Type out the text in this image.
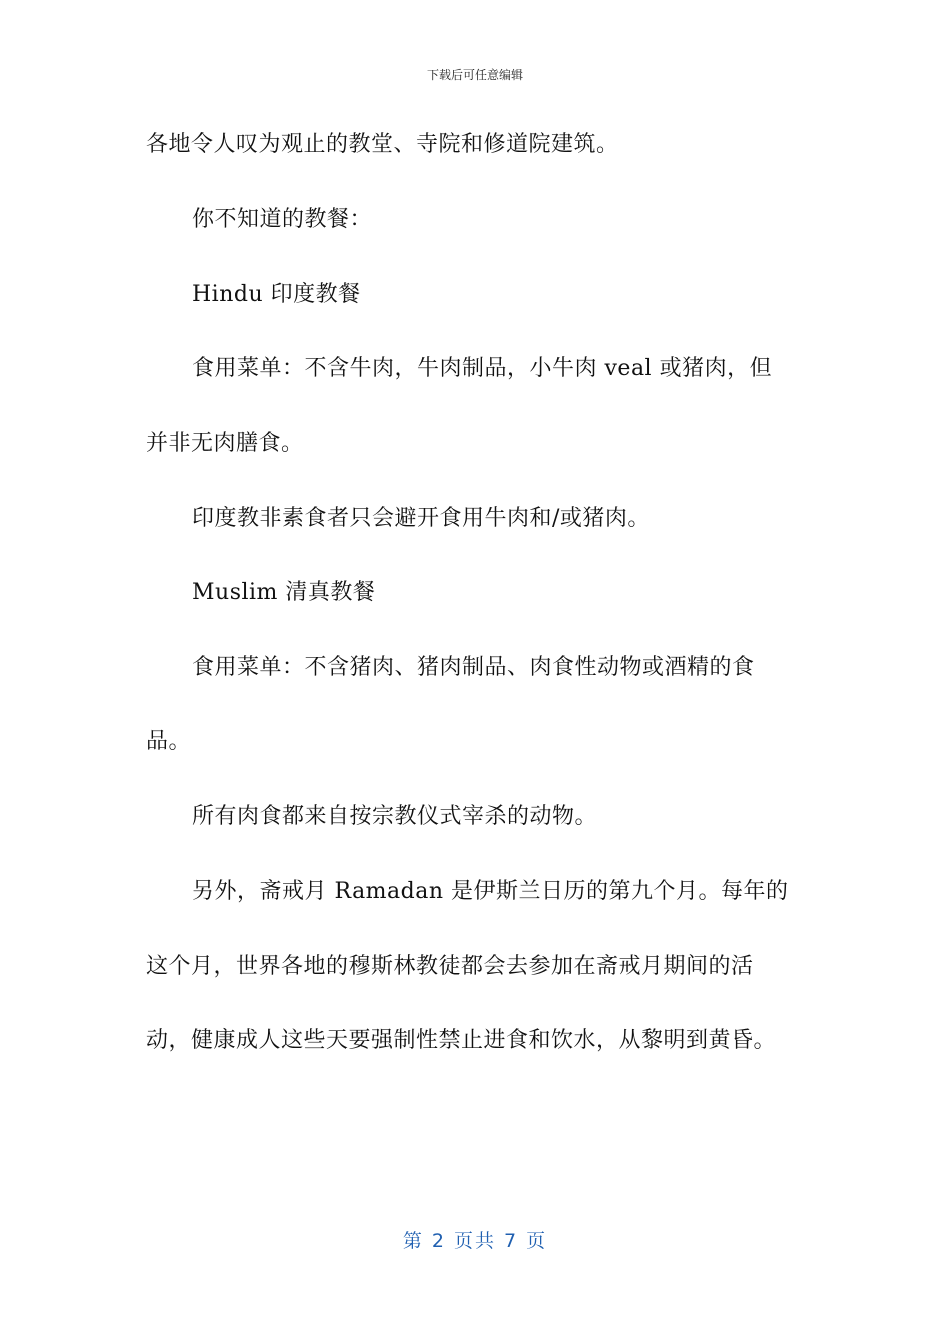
下载后可任意编辑
各地令人叹为观止的教堂、寺院和修道院建筑。
你不知道的教餐：
Hindu 印度教餐
食用菜单：不含牛肉，牛肉制品，小牛肉 veal 或猪肉，但
并非无肉膳食。
印度教非素食者只会避开食用牛肉和/或猪肉。
Muslim 清真教餐
食用菜单：不含猪肉、猪肉制品、肉食性动物或酒精的食
品。
所有肉食都来自按宗教仪式宰杀的动物。
另外，斋戒月 Ramadan 是伊斯兰日历的第九个月。每年的
这个月，世界各地的穆斯林教徒都会去参加在斋戒月期间的活
动，健康成人这些天要强制性禁止进食和饮水，从黎明到黄昏。
第 2 页共 7 页
